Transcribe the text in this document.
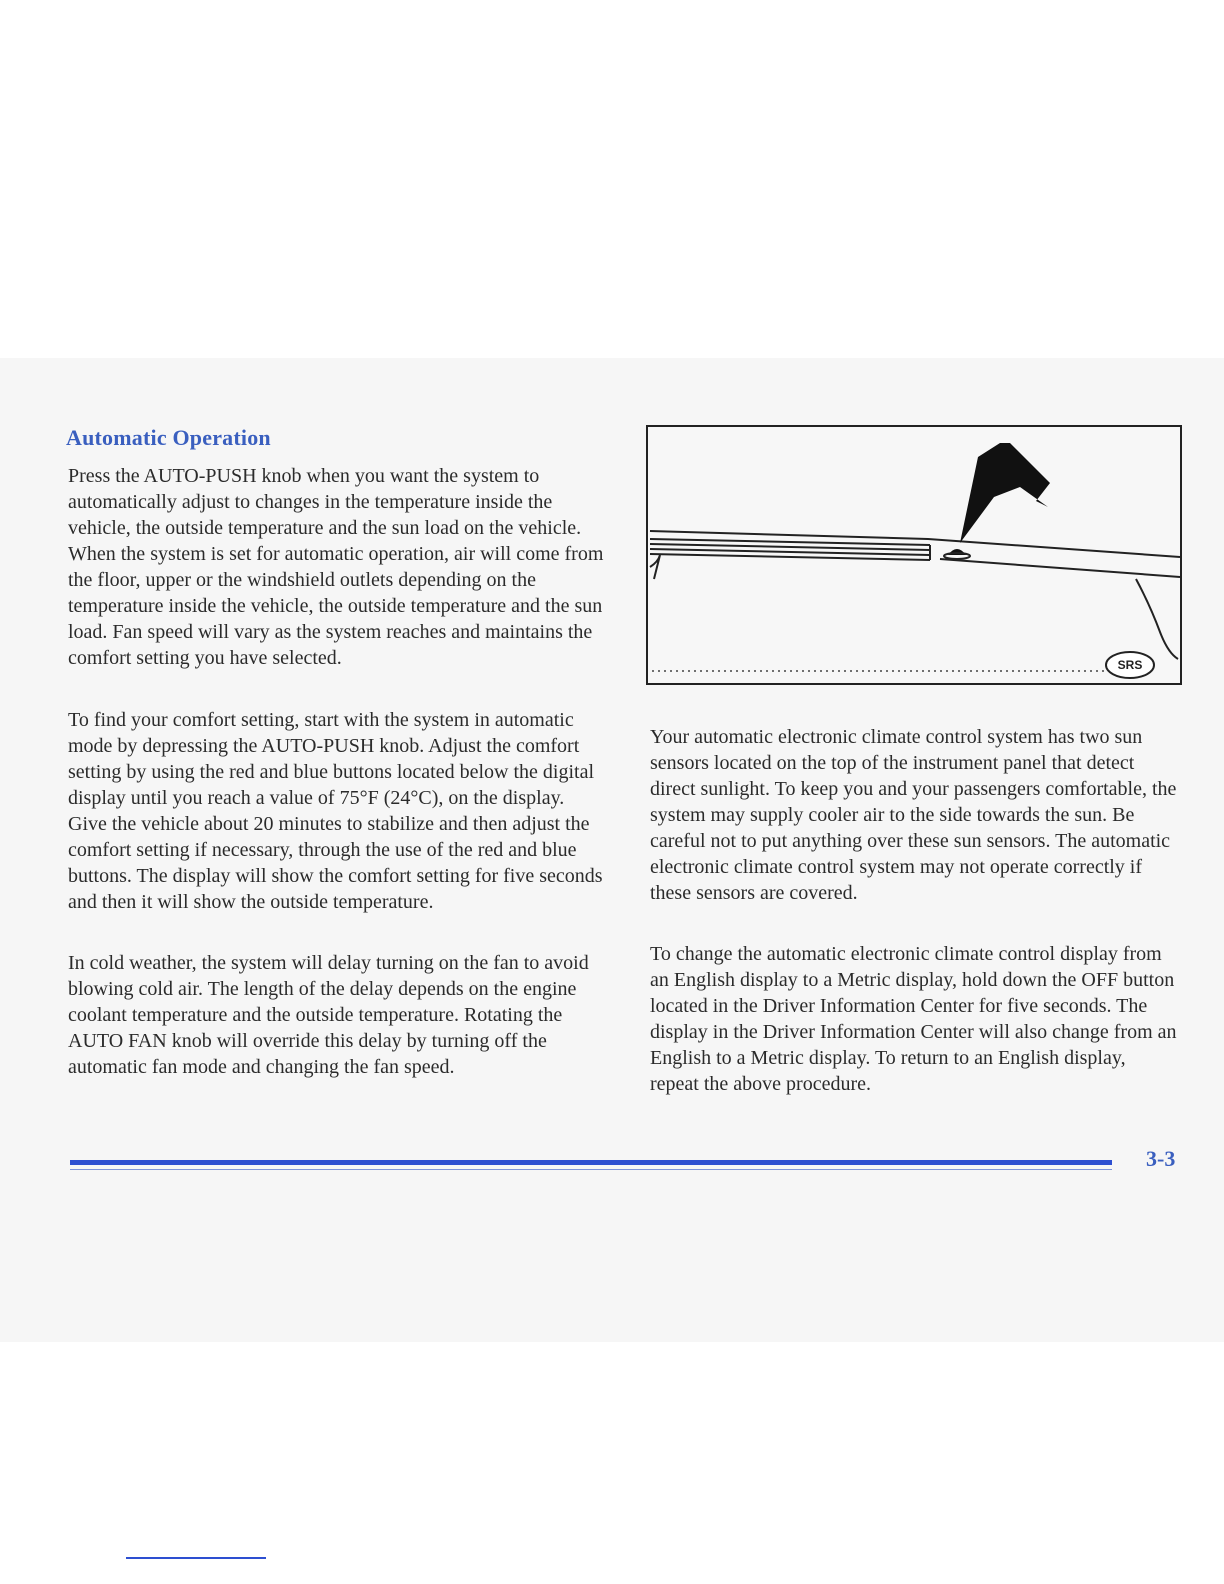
Automatic Operation

Press the AUTO-PUSH knob when you want the system to automatically adjust to changes in the temperature inside the vehicle, the outside temperature and the sun load on the vehicle. When the system is set for automatic operation, air will come from the floor, upper or the windshield outlets depending on the temperature inside the vehicle, the outside temperature and the sun load. Fan speed will vary as the system reaches and maintains the comfort setting you have selected.

To find your comfort setting, start with the system in automatic mode by depressing the AUTO-PUSH knob. Adjust the comfort setting by using the red and blue buttons located below the digital display until you reach a value of 75°F (24°C), on the display. Give the vehicle about 20 minutes to stabilize and then adjust the comfort setting if necessary, through the use of the red and blue buttons. The display will show the comfort setting for five seconds and then it will show the outside temperature.

In cold weather, the system will delay turning on the fan to avoid blowing cold air. The length of the delay depends on the engine coolant temperature and the outside temperature. Rotating the AUTO FAN knob will override this delay by turning off the automatic fan mode and changing the fan speed.

SRS

Your automatic electronic climate control system has two sun sensors located on the top of the instrument panel that detect direct sunlight. To keep you and your passengers comfortable, the system may supply cooler air to the side towards the sun. Be careful not to put anything over these sun sensors. The automatic electronic climate control system may not operate correctly if these sensors are covered.

To change the automatic electronic climate control display from an English display to a Metric display, hold down the OFF button located in the Driver Information Center for five seconds. The display in the Driver Information Center will also change from an English to a Metric display. To return to an English display, repeat the above procedure.

3-3
